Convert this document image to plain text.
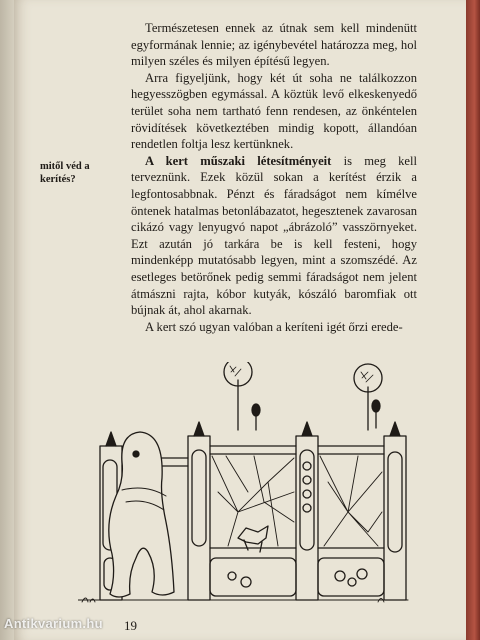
mitől véd a kerítés?

Természetesen ennek az útnak sem kell mindenütt egyformának lennie; az igénybevétel határozza meg, hol milyen széles és milyen építésű legyen.

Arra figyeljünk, hogy két út soha ne találkozzon hegyesszögben egymással. A köztük levő elkeskenyedő terület soha nem tartható fenn rendesen, az önkéntelen rövidítések következtében mindig kopott, állandóan rendetlen foltja lesz kertünknek.

A kert műszaki létesítményeit is meg kell terveznünk. Ezek közül sokan a kerítést érzik a legfontosabbnak. Pénzt és fáradságot nem kímélve öntenek hatalmas betonlábazatot, hegesztenek zavarosan cikázó vagy lenyugvó napot „ábrázoló” vasszörnyeket. Ezt azután jó tarkára be is kell festeni, hogy mindenképp mutatósabb legyen, mint a szomszédé. Az esetleges betörőnek pedig semmi fáradságot nem jelent átmászni rajta, kóbor kutyák, kószáló baromfiak ott bújnak át, ahol akarnak.

A kert szó ugyan valóban a keríteni igét őrzi erede-

19
Antikvarium.hu
